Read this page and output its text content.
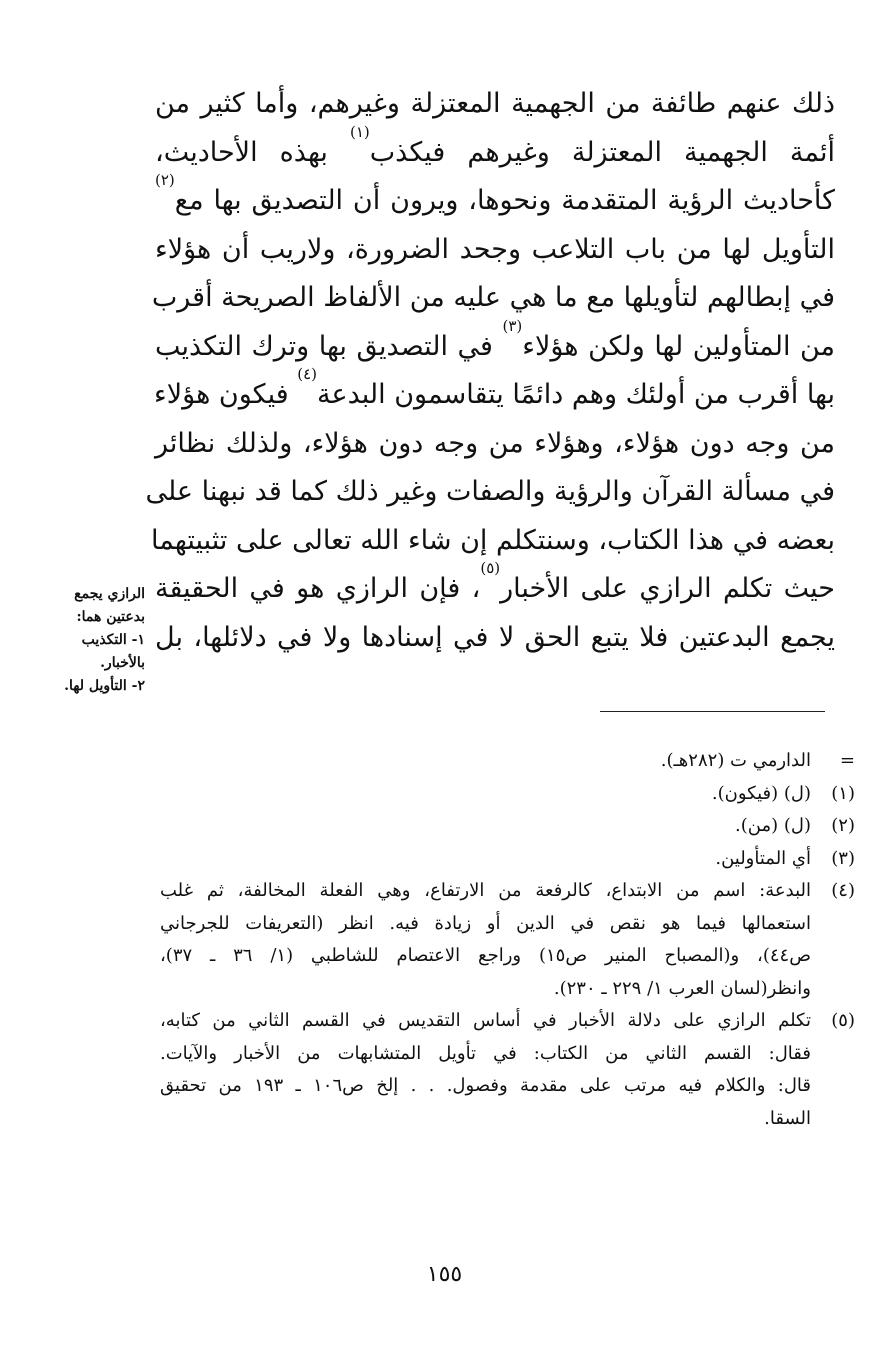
ذلك عنهم طائفة من الجهمية المعتزلة وغيرهم، وأما كثير من
أئمة الجهمية المعتزلة وغيرهم فيكذب$^{(١)}$ بهذه الأحاديث،
كأحاديث الرؤية المتقدمة ونحوها، ويرون أن التصديق بها مع$^{(٢)}$
التأويل لها من باب التلاعب وجحد الضرورة، ولاريب أن هؤلاء
في إبطالهم لتأويلها مع ما هي عليه من الألفاظ الصريحة أقرب
من المتأولين لها ولكن هؤلاء$^{(٣)}$ في التصديق بها وترك التكذيب
بها أقرب من أولئك وهم دائمًا يتقاسمون البدعة$^{(٤)}$ فيكون هؤلاء
من وجه دون هؤلاء، وهؤلاء من وجه دون هؤلاء، ولذلك نظائر
في مسألة القرآن والرؤية والصفات وغير ذلك كما قد نبهنا على
بعضه في هذا الكتاب، وسنتكلم إن شاء الله تعالى على تثبيتهما
حيث تكلم الرازي على الأخبار$^{(٥)}$، فإن الرازي هو في الحقيقة
يجمع البدعتين فلا يتبع الحق لا في إسنادها ولا في دلائلها، بل
الرازي يجمع
بدعتين هما:
١- التكذيب
بالأخبار.
٢- التأويل لها.
=
الدارمي ت (٢٨٢هـ).
(١)
(ل) (فيكون).
(٢)
(ل) (من).
(٣)
أي المتأولين.
(٤)
البدعة: اسم من الابتداع، كالرفعة من الارتفاع، وهي الفعلة المخالفة، ثم غلب
استعمالها فيما هو نقص في الدين أو زيادة فيه. انظر (التعريفات للجرجاني
ص٤٤)، و(المصباح المنير ص١٥) وراجع الاعتصام للشاطبي (١/ ٣٦ ـ ٣٧)،
وانظر(لسان العرب ١/ ٢٢٩ ـ ٢٣٠).
(٥)
تكلم الرازي على دلالة الأخبار في أساس التقديس في القسم الثاني من كتابه،
فقال: القسم الثاني من الكتاب: في تأويل المتشابهات من الأخبار والآيات.
قال: والكلام فيه مرتب على مقدمة وفصول. . . إلخ ص١٠٦ ـ ١٩٣ من تحقيق
السقا.
١٥٥
